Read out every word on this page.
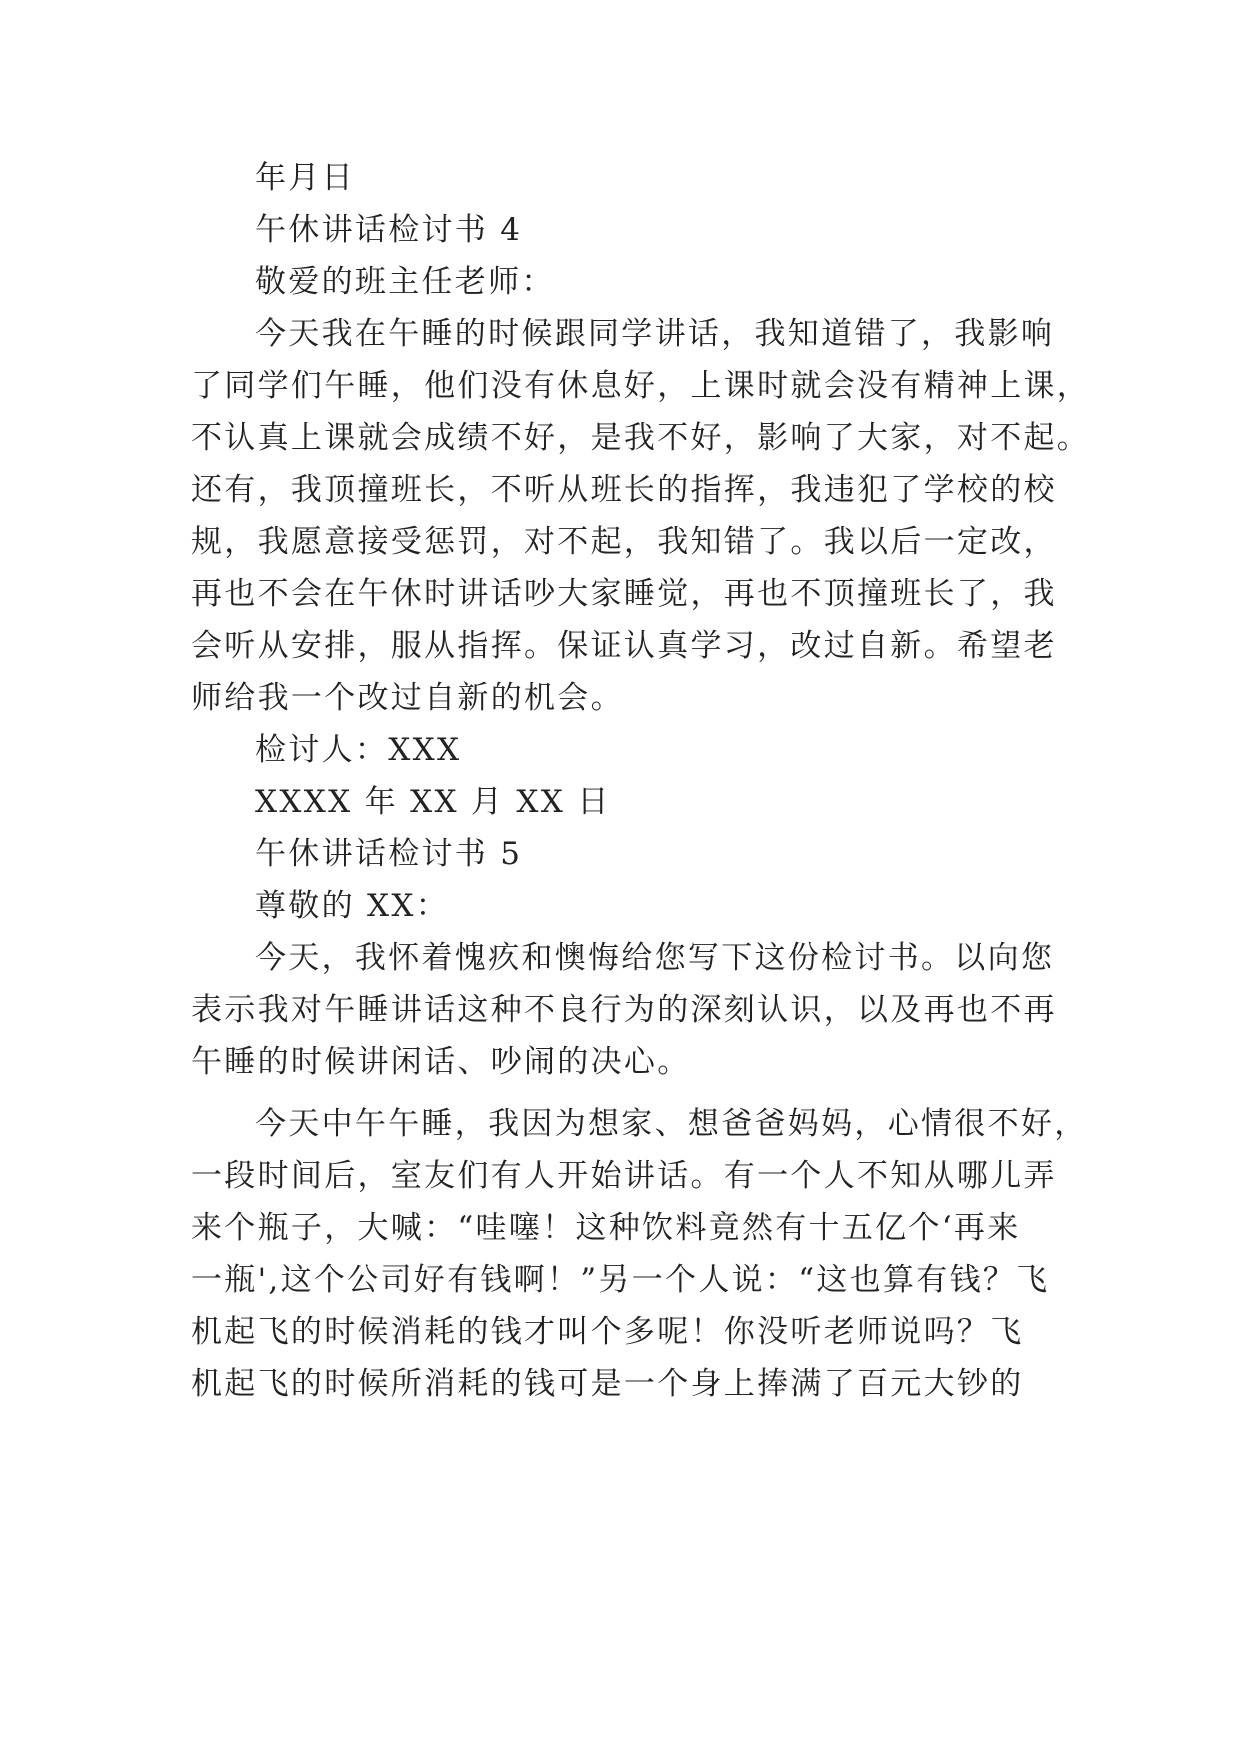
年月日
午休讲话检讨书 4
敬爱的班主任老师：
今天我在午睡的时候跟同学讲话，我知道错了，我影响
了同学们午睡，他们没有休息好，上课时就会没有精神上课，
不认真上课就会成绩不好，是我不好，影响了大家，对不起。
还有，我顶撞班长，不听从班长的指挥，我违犯了学校的校
规，我愿意接受惩罚，对不起，我知错了。我以后一定改，
再也不会在午休时讲话吵大家睡觉，再也不顶撞班长了，我
会听从安排，服从指挥。保证认真学习，改过自新。希望老
师给我一个改过自新的机会。
检讨人：XXX
XXXX 年 XX 月 XX 日
午休讲话检讨书 5
尊敬的 XX：
今天，我怀着愧疚和懊悔给您写下这份检讨书。以向您
表示我对午睡讲话这种不良行为的深刻认识，以及再也不再
午睡的时候讲闲话、吵闹的决心。
今天中午午睡，我因为想家、想爸爸妈妈，心情很不好，
一段时间后，室友们有人开始讲话。有一个人不知从哪儿弄
来个瓶子，大喊：“哇噻！这种饮料竟然有十五亿个‘再来
一瓶',这个公司好有钱啊！”另一个人说：“这也算有钱？飞
机起飞的时候消耗的钱才叫个多呢！你没听老师说吗？飞
机起飞的时候所消耗的钱可是一个身上捧满了百元大钞的
